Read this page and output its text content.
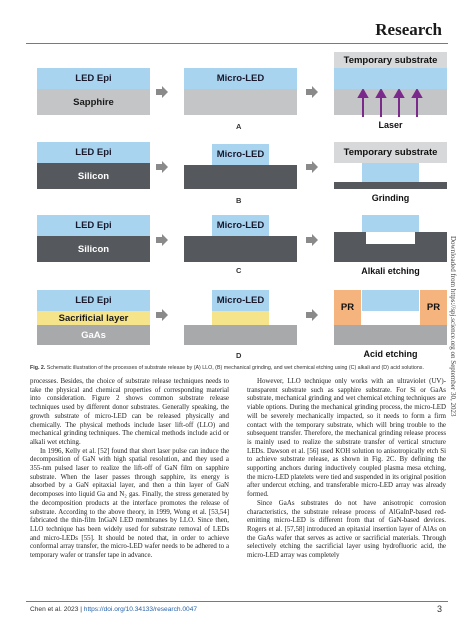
Research
Downloaded from https://spj.science.org on September 30, 2023
LED Epi
Sapphire
Micro-LED
Temporary substrate
Laser
A
LED Epi
Silicon
Micro-LED	Temporary substrate
Grinding
B
LED Epi
Silicon
Micro-LED
Alkali etching
C
LED Epi
Sacrificial layer
GaAs
Micro-LED
PR	PR
Acid etching
D
Fig. 2. Schematic illustration of the processes of substrate release by (A) LLO, (B) mechanical grinding, and wet chemical etching using (C) alkali and (D) acid solutions.

processes. Besides, the choice of substrate release techniques needs to take the physical and chemical properties of corresponding material into consideration. Figure 2 shows common substrate release techniques used by different donor substrates. Generally speaking, the growth substrate of micro-LED can be released physically and chemically. The physical methods include laser lift-off (LLO) and mechanical grinding techniques. The chemical methods include acid or alkali wet etching.

In 1996, Kelly et al. [52] found that short laser pulse can induce the decomposition of GaN with high spatial resolution, and they used a 355-nm pulsed laser to realize the lift-off of GaN film on sapphire substrate. When the laser passes through sapphire, its energy is absorbed by a GaN epitaxial layer, and then a thin layer of GaN decomposes into liquid Ga and N₂ gas. Finally, the stress generated by the decomposition products at the interface promotes the release of substrate. According to the above theory, in 1999, Wong et al. [53,54] fabricated the thin-film InGaN LED membranes by LLO. Since then, LLO technique has been widely used for substrate removal of LEDs and micro-LEDs [55]. It should be noted that, in order to achieve conformal array transfer, the micro-LED wafer needs to be adhered to a temporary wafer or transfer tape in advance.

However, LLO technique only works with an ultraviolet (UV)-transparent substrate such as sapphire substrate. For Si or GaAs substrate, mechanical grinding and wet chemical etching techniques are viable options. During the mechanical grinding process, the micro-LED will be severely mechanically impacted, so it needs to form a firm contact with the temporary substrate, which will bring trouble to the subsequent transfer. Therefore, the mechanical grinding release process is mainly used to realize the substrate transfer of vertical structure LEDs. Dawson et al. [56] used KOH solution to anisotropically etch Si to achieve substrate release, as shown in Fig. 2C. By defining the supporting anchors during inductively coupled plasma mesa etching, the micro-LED platelets were tied and suspended in its original position after undercut etching, and transferable micro-LED array was already formed.

Since GaAs substrates do not have anisotropic corrosion characteristics, the substrate release process of AlGaInP-based red-emitting micro-LED is different from that of GaN-based devices. Rogers et al. [57,58] introduced an epitaxial insertion layer of AlAs on the GaAs wafer that serves as active or sacrificial materials. Through selectively etching the sacrificial layer using hydrofluoric acid, the micro-LED array was completely

Chen et al. 2023 | https://doi.org/10.34133/research.0047	3
